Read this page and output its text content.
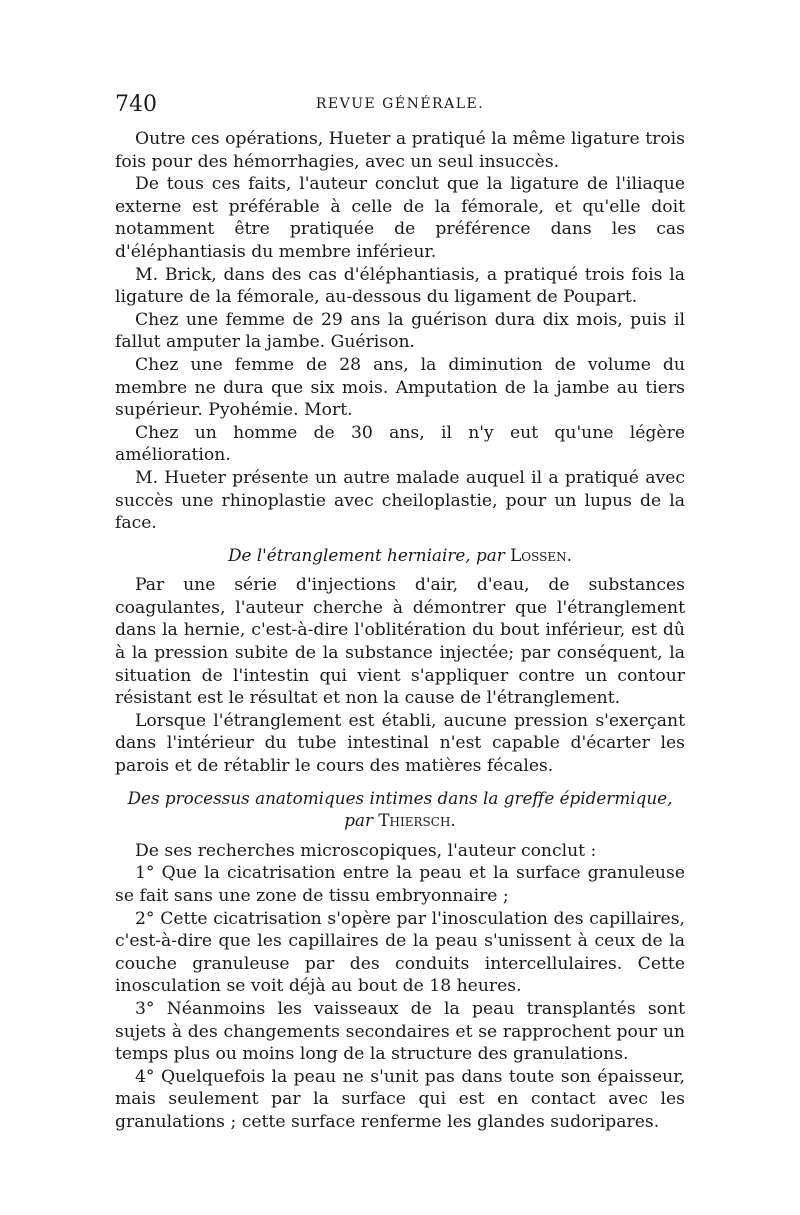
740	REVUE GÉNÉRALE.

Outre ces opérations, Hueter a pratiqué la même ligature trois fois pour des hémorrhagies, avec un seul insuccès.

De tous ces faits, l'auteur conclut que la ligature de l'iliaque externe est préférable à celle de la fémorale, et qu'elle doit notamment être pratiquée de préférence dans les cas d'éléphantiasis du membre inférieur.

M. Brick, dans des cas d'éléphantiasis, a pratiqué trois fois la ligature de la fémorale, au-dessous du ligament de Poupart.

Chez une femme de 29 ans la guérison dura dix mois, puis il fallut amputer la jambe. Guérison.

Chez une femme de 28 ans, la diminution de volume du membre ne dura que six mois. Amputation de la jambe au tiers supérieur. Pyohémie. Mort.

Chez un homme de 30 ans, il n'y eut qu'une légère amélioration.

M. Hueter présente un autre malade auquel il a pratiqué avec succès une rhinoplastie avec cheiloplastie, pour un lupus de la face.

De l'étranglement herniaire, par Lossen.

Par une série d'injections d'air, d'eau, de substances coagulantes, l'auteur cherche à démontrer que l'étranglement dans la hernie, c'est-à-dire l'oblitération du bout inférieur, est dû à la pression subite de la substance injectée; par conséquent, la situation de l'intestin qui vient s'appliquer contre un contour résistant est le résultat et non la cause de l'étranglement.

Lorsque l'étranglement est établi, aucune pression s'exerçant dans l'intérieur du tube intestinal n'est capable d'écarter les parois et de rétablir le cours des matières fécales.

Des processus anatomiques intimes dans la greffe épidermique,
par Thiersch.

De ses recherches microscopiques, l'auteur conclut :

1° Que la cicatrisation entre la peau et la surface granuleuse se fait sans une zone de tissu embryonnaire ;

2° Cette cicatrisation s'opère par l'inosculation des capillaires, c'est-à-dire que les capillaires de la peau s'unissent à ceux de la couche granuleuse par des conduits intercellulaires. Cette inosculation se voit déjà au bout de 18 heures.

3° Néanmoins les vaisseaux de la peau transplantés sont sujets à des changements secondaires et se rapprochent pour un temps plus ou moins long de la structure des granulations.

4° Quelquefois la peau ne s'unit pas dans toute son épaisseur, mais seulement par la surface qui est en contact avec les granulations ; cette surface renferme les glandes sudoripares.
